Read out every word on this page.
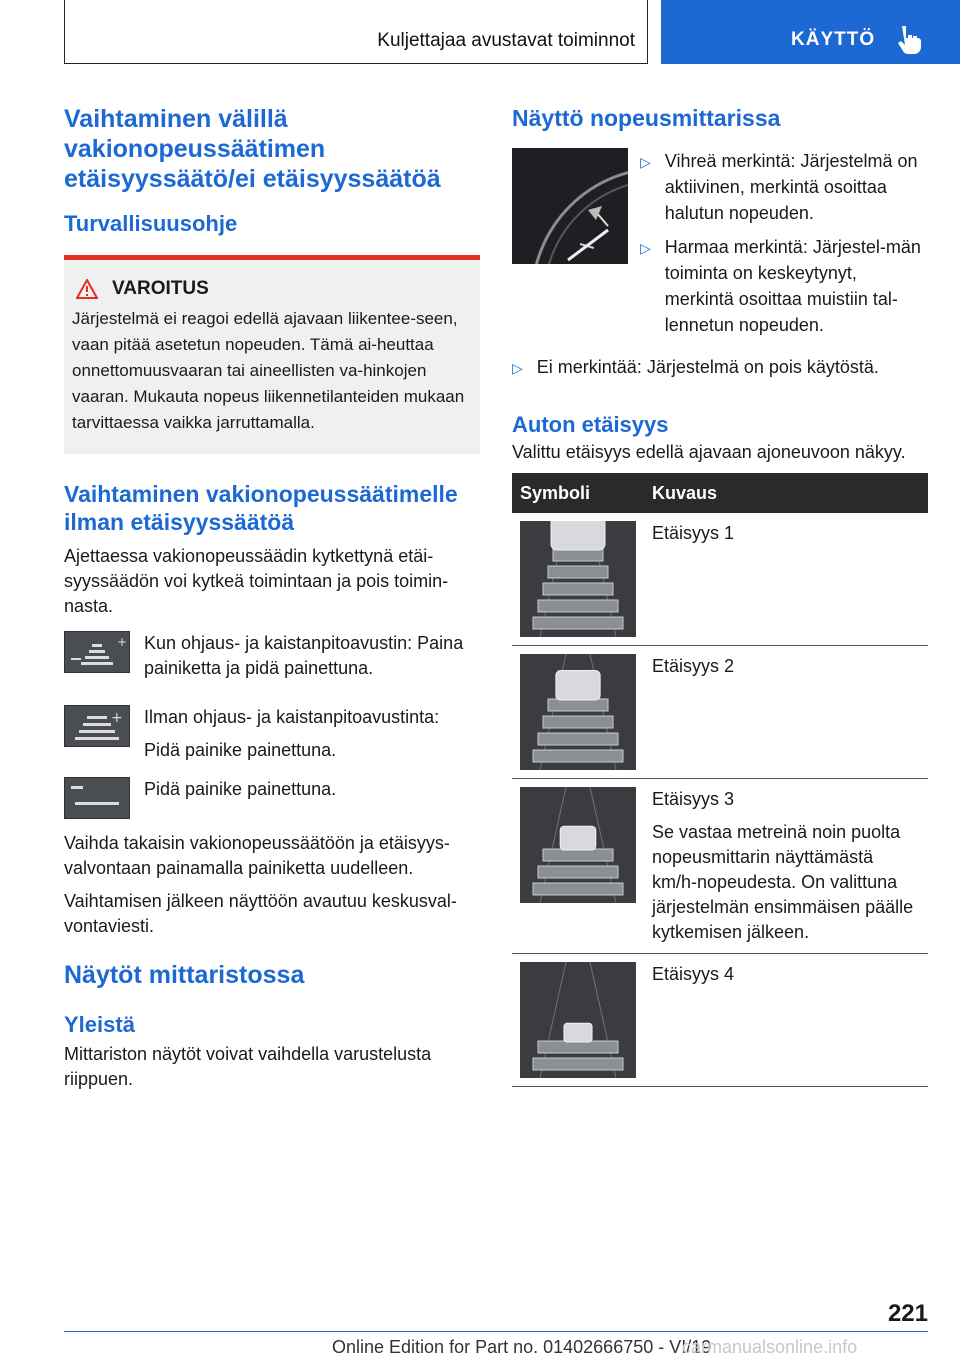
Kuljettajaa avustavat toiminnot	KÄYTTÖ
Vaihtaminen välillä vakionopeussäätimen etäisyyssäätö/ei etäisyyssäätöä
Turvallisuusohje
VAROITUS
Järjestelmä ei reagoi edellä ajavaan liikentee-seen, vaan pitää asetetun nopeuden. Tämä ai-heuttaa onnettomuusvaaran tai aineellisten va-hinkojen vaaran. Mukauta nopeus liikennetilanteiden mukaan tarvittaessa vaikka jarruttamalla.
Vaihtaminen vakionopeussäätimelle ilman etäisyyssäätöä

Ajettaessa vakionopeussäädin kytkettynä etäi-syyssäädön voi kytkeä toimintaan ja pois toimin-nasta.

+ Kun ohjaus- ja kaistanpitoavustin: Paina painiketta ja pidä painettuna.

+ Ilman ohjaus- ja kaistanpitoavustinta:

Pidä painike painettuna.

Pidä painike painettuna.

Vaihda takaisin vakionopeussäätöön ja etäisyys-valvontaan painamalla painiketta uudelleen.

Vaihtamisen jälkeen näyttöön avautuu keskusval-vontaviesti.

Näytöt mittaristossa
Yleistä

Mittariston näytöt voivat vaihdella varustelusta riippuen.

Näyttö nopeusmittarissa
▷ Vihreä merkintä: Järjestelmä on aktiivinen, merkintä osoittaa halutun nopeuden.
▷ Harmaa merkintä: Järjestel-män toiminta on keskeytynyt, merkintä osoittaa muistiin tal-lennetun nopeuden.
▷ Ei merkintää: Järjestelmä on pois käytöstä.
Auton etäisyys

Valittu etäisyys edellä ajavaan ajoneuvoon näkyy.

Symboli	Kuvaus

Etäisyys 1

Etäisyys 2

Etäisyys 3
Se vastaa metreinä noin puolta nopeusmittarin näyttämästä km/h-nopeudesta. On valittuna järjestelmän ensimmäisen päälle kytkemisen jälkeen.

Etäisyys 4
221
Online Edition for Part no. 01402666750 - VI/19
carmanualsonline.info
